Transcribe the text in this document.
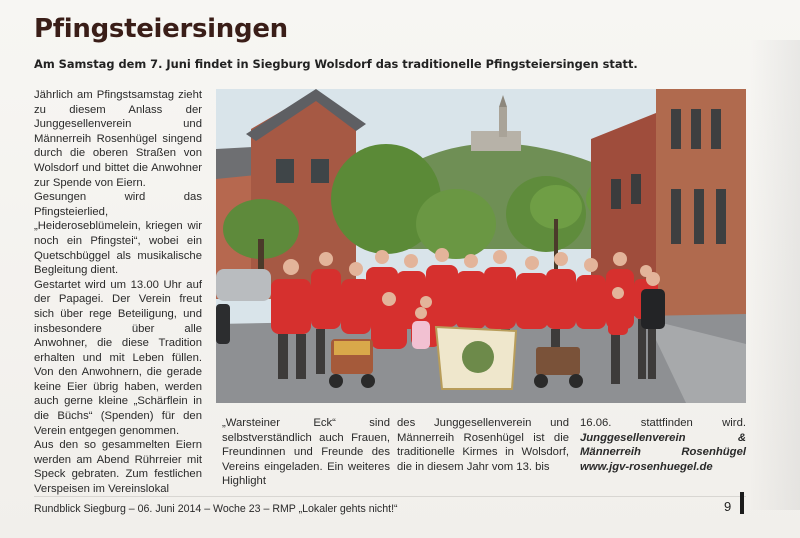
Pfingsteiersingen

Am Samstag dem 7. Juni findet in Siegburg Wolsdorf das traditionelle Pfingsteiersingen statt.

Jährlich am Pfingstsamstag zieht zu diesem Anlass der Junggesellenverein und Männerreih Rosenhügel singend durch die oberen Straßen von Wolsdorf und bittet die Anwohner zur Spende von Eiern.

Gesungen wird das Pfingsteierlied, „Heideroseblümelein, kriegen wir noch ein Pfingstei“, wobei ein Quetschbüggel als musikalische Begleitung dient.

Gestartet wird um 13.00 Uhr auf der Papagei. Der Verein freut sich über rege Beteiligung, und insbesondere über alle Anwohner, die diese Tradition erhalten und mit Leben füllen. Von den Anwohnern, die gerade keine Eier übrig haben, werden auch gerne kleine „Schärflein in die Büchs“ (Spenden) für den Verein entgegen genommen.

Aus den so gesammelten Eiern werden am Abend Rührreier mit Speck gebraten. Zum festlichen Verspeisen im Vereinslokal

„Warsteiner Eck“ sind selbstverständlich auch Frauen, Freundinnen und Freunde des Vereins eingeladen. Ein weiteres Highlight

des Junggesellenverein und Männerreih Rosenhügel ist die traditionelle Kirmes in Wolsdorf, die in diesem Jahr vom 13. bis

16.06. stattfinden wird. Junggesellenverein & Männerreih Rosenhügel www.jgv-rosenhuegel.de

Rundblick Siegburg – 06. Juni 2014 – Woche 23 – RMP „Lokaler gehts nicht!“	9
